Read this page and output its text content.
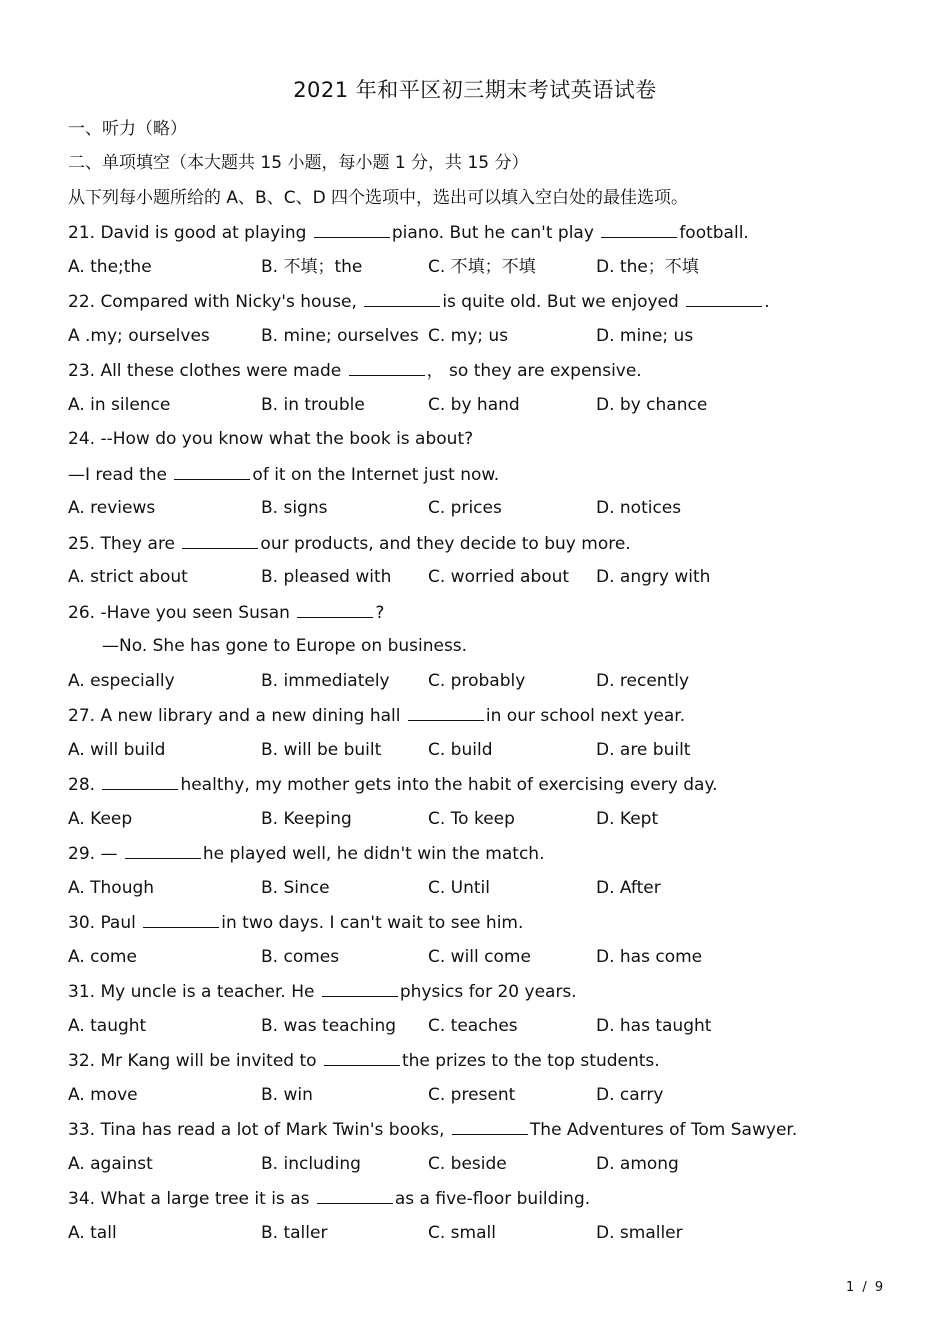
2021 年和平区初三期末考试英语试卷
一、听力（略）
二、单项填空（本大题共 15 小题，每小题 1 分，共 15 分）
从下列每小题所给的 A、B、C、D 四个选项中，选出可以填入空白处的最佳选项。
21. David is good at playing	piano. But he can't play	football.
A. the;the	B. 不填；the	C. 不填；不填	D. the；不填
22. Compared with Nicky's house,	is quite old. But we enjoyed	.
A .my; ourselves	B. mine; ourselves C. my; us	D. mine; us
23. All these clothes were made	， so they are expensive.
A. in silence	B. in trouble	C. by hand	D. by chance
24. --How do you know what the book is about?
—I read the	of it on the Internet just now.
A. reviews	B. signs	C. prices	D. notices
25. They are	our products, and they decide to buy more.
A. strict about	B. pleased with C. worried about D. angry with
26. -Have you seen Susan	?
—No. She has gone to Europe on business.
A. especially	B. immediately C. probably	D. recently
27. A new library and a new dining hall	in our school next year.
A. will build	B. will be built	C. build	D. are built
28.	healthy, my mother gets into the habit of exercising every day.
A. Keep	B. Keeping	C. To keep	D. Kept
29. —	he played well, he didn't win the match.
A. Though	B. Since	C. Until	D. After
30. Paul	in two days. I can't wait to see him.
A. come	B. comes	C. will come	D. has come
31. My uncle is a teacher. He	physics for 20 years.
A. taught	B. was teaching C. teaches	D. has taught
32. Mr Kang will be invited to	the prizes to the top students.
A. move	B. win	C. present	D. carry
33. Tina has read a lot of Mark Twin's books,	The Adventures of Tom Sawyer.
A. against	B. including	C. beside	D. among
34. What a large tree it is as	as a five-floor building.
A. tall	B. taller	C. small	D. smaller
1 / 9
